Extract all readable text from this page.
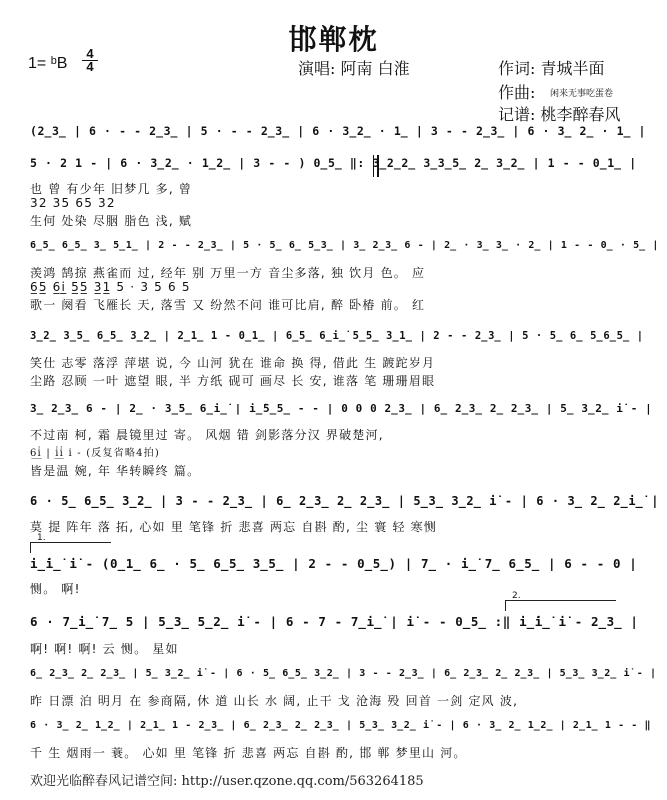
邯郸枕
1= ᵇB $\frac{4}{4}$	演唱: 阿南 白淮	作词: 青城半面
作曲: 闲来无事吃蛋卷
记谱: 桃李醉春风
(2̲3̲ | 6 · - - 2̲3̲ | 5 · - - 2̲3̲ | 6 · 3̲2̲ · 1̲ | 3 - - 2̲3̲ | 6 · 3̲ 2̲ · 1̲ |
5 · 2 1 - | 6 · 3̲2̲ · 1̲2̲ | 3 - - ) 0̲5̲ ‖: 3̲2̲2̲ 3̲3̲5̲ 2̲ 3̲2̲ | 1 - - 0̲1̲ |
也 曾 有少年 旧梦几 多, 曾
32 35 65 32
生何 处染 尽胭 脂色 浅, 赋
6̲5̲ 6̲5̲ 3̲ 5̲1̲ | 2 - - 2̲3̲ | 5 · 5̲ 6̲ 5̲3̲ | 3̲ 2̲3̲ 6 - | 2̲ · 3̲ 3̲ · 2̲ | 1 - - 0̲ · 5̲ |
羡鸿 鹄掠 燕雀而 过, 经年 别 万里一方 音尘多落, 独 饮月 色。 应
6̲5̲ 6̲i̲̇ 5̲5̲ 3̲1̲ 5 · 3 5 6 5
歌一 阕看 飞雁长 天, 落雪 又 纷然不问 谁可比肩, 醉 卧椿 前。 红
3̲2̲ 3̲5̲ 6̲5̲ 3̲2̲ | 2̲1̲ 1 - 0̲1̲ | 6̲5̲ 6̲i̲̇ 5̲5̲ 3̲1̲ | 2 - - 2̲3̲ | 5 · 5̲ 6̲ 5̲6̲5̲ |
笑仕 志零 落浮 萍堪 说, 今 山河 犹在 谁命 换 得, 借此 生 踱跎岁月
尘路 忍顾 一叶 遮望 眼, 半 方纸 砚可 画尽 长 安, 谁落 笔 珊珊眉眼
3̲ 2̲3̲ 6 - | 2̲ · 3̲5̲ 6̲i̲̇ | i̲̇5̲5̲ - - | 0 0 0 2̲3̲ | 6̲ 2̲3̲ 2̲ 2̲3̲ | 5̲ 3̲2̲ i̇ - |
不过南 柯, 霜 晨镜里过 寄。 风烟 错 剑影落分汉 界破楚河,
6̲i̲̇ | i̲̇i̲̇ i̇ - (反复省略4拍)
皆是温 婉, 年 华转瞬终 篇。
6 · 5̲ 6̲5̲ 3̲2̲ | 3 - - 2̲3̲ | 6̲ 2̲3̲ 2̲ 2̲3̲ | 5̲3̲ 3̲2̲ i̇ - | 6 · 3̲ 2̲ 2̲i̲̇ |
莫 提 阵年 落 拓, 心如 里 笔锋 折 悲喜 两忘 自斟 酌, 尘 寰 轻 寒恻
1.
i̲̇i̲̇ i̇ - (0̲1̲ 6̲ · 5̲ 6̲5̲ 3̲5̲ | 2 - - 0̲5̲) | 7̲ · i̲̇ 7̲ 6̲5̲ | 6 - - 0 |
恻。 啊!	2.
6 · 7̲i̲̇ 7̲ 5 | 5̲3̲ 5̲2̲ i̇ - | 6 - 7 - 7̲i̲̇ | i̇ - - 0̲5̲ :‖ i̲̇i̲̇ i̇ - 2̲3̲ |
啊! 啊! 啊! 云 恻。 星如
6̲ 2̲3̲ 2̲ 2̲3̲ | 5̲ 3̲2̲ i̇ - | 6 · 5̲ 6̲5̲ 3̲2̲ | 3 - - 2̲3̲ | 6̲ 2̲3̲ 2̲ 2̲3̲ | 5̲3̲ 3̲2̲ i̇ - |
昨 日漂 泊 明月 在 参商隔, 休 道 山长 水 阔, 止干 戈 沧海 殁 回首 一剑 定风 波,
6 · 3̲ 2̲ 1̲2̲ | 2̲1̲ 1 - 2̲3̲ | 6̲ 2̲3̲ 2̲ 2̲3̲ | 5̲3̲ 3̲2̲ i̇ - | 6 · 3̲ 2̲ 1̲2̲ | 2̲1̲ 1 - - ‖
千 生 烟雨一 蓑。 心如 里 笔锋 折 悲喜 两忘 自斟 酌, 邯 郸 梦里山 河。
欢迎光临醉春风记谱空间: http://user.qzone.qq.com/563264185
